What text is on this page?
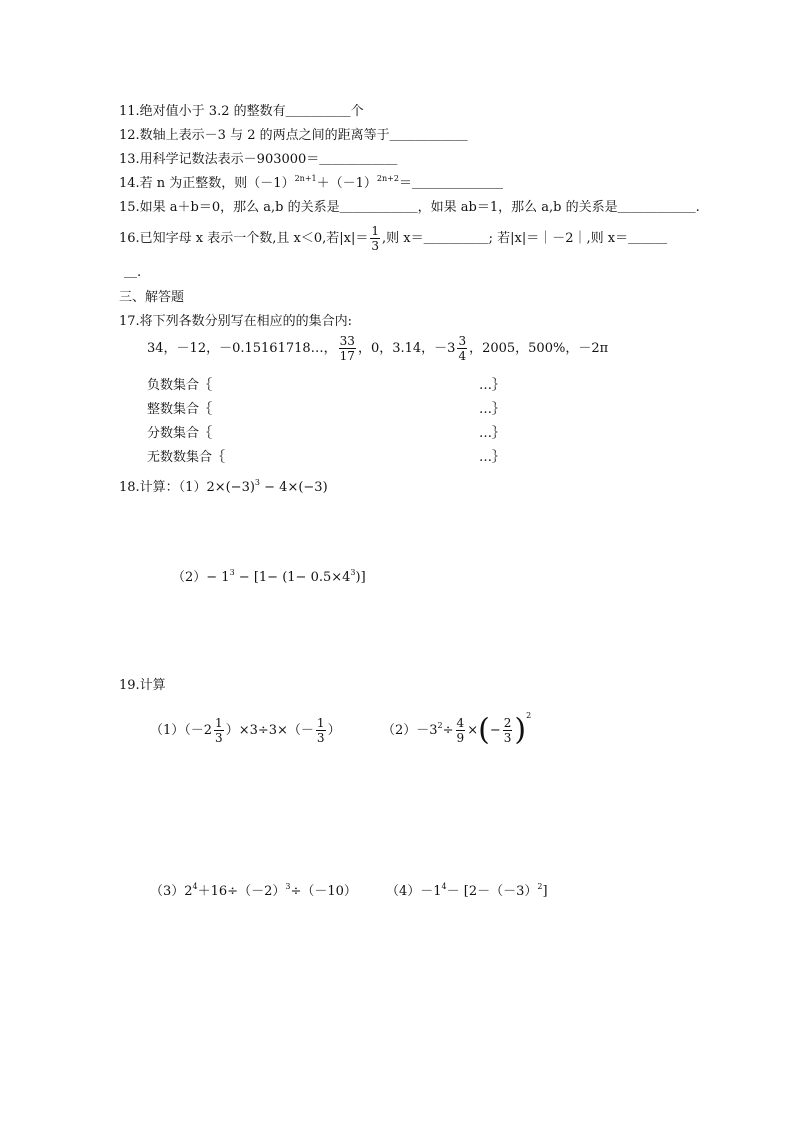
11.绝对值小于 3.2 的整数有＿＿＿＿＿个
12.数轴上表示－3 与 2 的两点之间的距离等于＿＿＿＿＿＿
13.用科学记数法表示－903000＝＿＿＿＿＿＿
14.若 n 为正整数，则$(-1)^{2n+1}+(-1)^{2n+2}=\_\_\_\_\_\_\_$
15.如果 a＋b＝0，那么 a,b 的关系是＿＿＿＿＿＿，如果 ab＝1，那么 a,b 的关系是＿＿＿＿＿＿.
16.已知字母 x 表示一个数,且 x＜0,若$|x|= \frac{1}{3}$ ,则 x＝＿＿＿＿＿; 若|x|＝｜－2｜,则 x＝＿＿＿
＿.
三、解答题
17.将下列各数分别写在相应的的集合内:
34，－12，－0.15161718…， $\frac{33}{17}$ ，0，3.14，$-3 \frac{3}{4}$ ，2005，500%，－2π
负数集合｛	…｝
整数集合｛	…｝
分数集合｛	…｝
无数数集合｛	…｝
18.计算：$(1)2\times(-3)^3 - 4\times(-3)$
$(2)- 1^3 - [1- (1- 0.5\times 4^3)]$
19.计算
$(1)(-2 \frac{1}{3} )\times 3\div 3\times(- \frac{1}{3}$ ）	$(2)-3^2\div \frac{4}{9}$ ×(− $\frac{2}{3} )^2$
$(3)2^4+16\div(-2)^3\div(-10)$ $(4)-1^4- [2-(-3)^2]$
